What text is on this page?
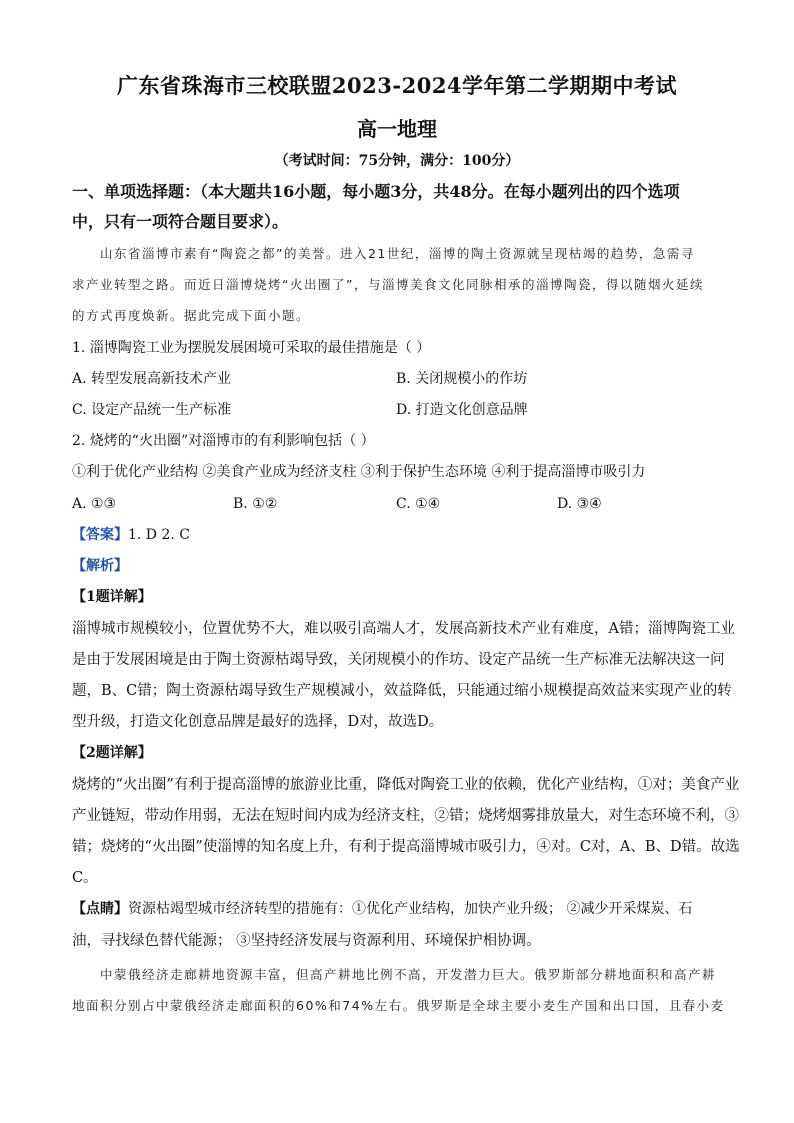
广东省珠海市三校联盟2023-2024学年第二学期期中考试
高一地理
（考试时间：75分钟，满分：100分）
一、单项选择题：（本大题共16小题，每小题3分，共48分。在每小题列出的四个选项
中，只有一项符合题目要求）。
山东省淄博市素有“陶瓷之都”的美誉。进入21世纪，淄博的陶土资源就呈现枯竭的趋势，急需寻
求产业转型之路。而近日淄博烧烤“火出圈了”，与淄博美食文化同脉相承的淄博陶瓷，得以随烟火延续
的方式再度焕新。据此完成下面小题。
1. 淄博陶瓷工业为摆脱发展困境可采取的最佳措施是（ ）
A. 转型发展高新技术产业	B. 关闭规模小的作坊
C. 设定产品统一生产标准	D. 打造文化创意品牌
2. 烧烤的“火出圈”对淄博市的有利影响包括（ ）
①利于优化产业结构 ②美食产业成为经济支柱 ③利于保护生态环境 ④利于提高淄博市吸引力
A. ①③	B. ①②	C. ①④	D. ③④
【答案】1. D 2. C
【解析】
【1题详解】
淄博城市规模较小，位置优势不大，难以吸引高端人才，发展高新技术产业有难度，A错；淄博陶瓷工业
是由于发展困境是由于陶土资源枯竭导致，关闭规模小的作坊、设定产品统一生产标准无法解决这一问
题，B、C错；陶土资源枯竭导致生产规模减小，效益降低，只能通过缩小规模提高效益来实现产业的转
型升级，打造文化创意品牌是最好的选择，D对，故选D。
【2题详解】
烧烤的“火出圈”有利于提高淄博的旅游业比重，降低对陶瓷工业的依赖，优化产业结构，①对；美食产业
产业链短，带动作用弱，无法在短时间内成为经济支柱，②错；烧烤烟雾排放量大，对生态环境不利，③
错；烧烤的“火出圈”使淄博的知名度上升，有利于提高淄博城市吸引力，④对。C对，A、B、D错。故选
C。
【点睛】资源枯竭型城市经济转型的措施有：①优化产业结构，加快产业升级； ②减少开采煤炭、石
油，寻找绿色替代能源； ③坚持经济发展与资源利用、环境保护相协调。
中蒙俄经济走廊耕地资源丰富，但高产耕地比例不高，开发潜力巨大。俄罗斯部分耕地面积和高产耕
地面积分别占中蒙俄经济走廊面积的60%和74%左右。俄罗斯是全球主要小麦生产国和出口国，且春小麦
